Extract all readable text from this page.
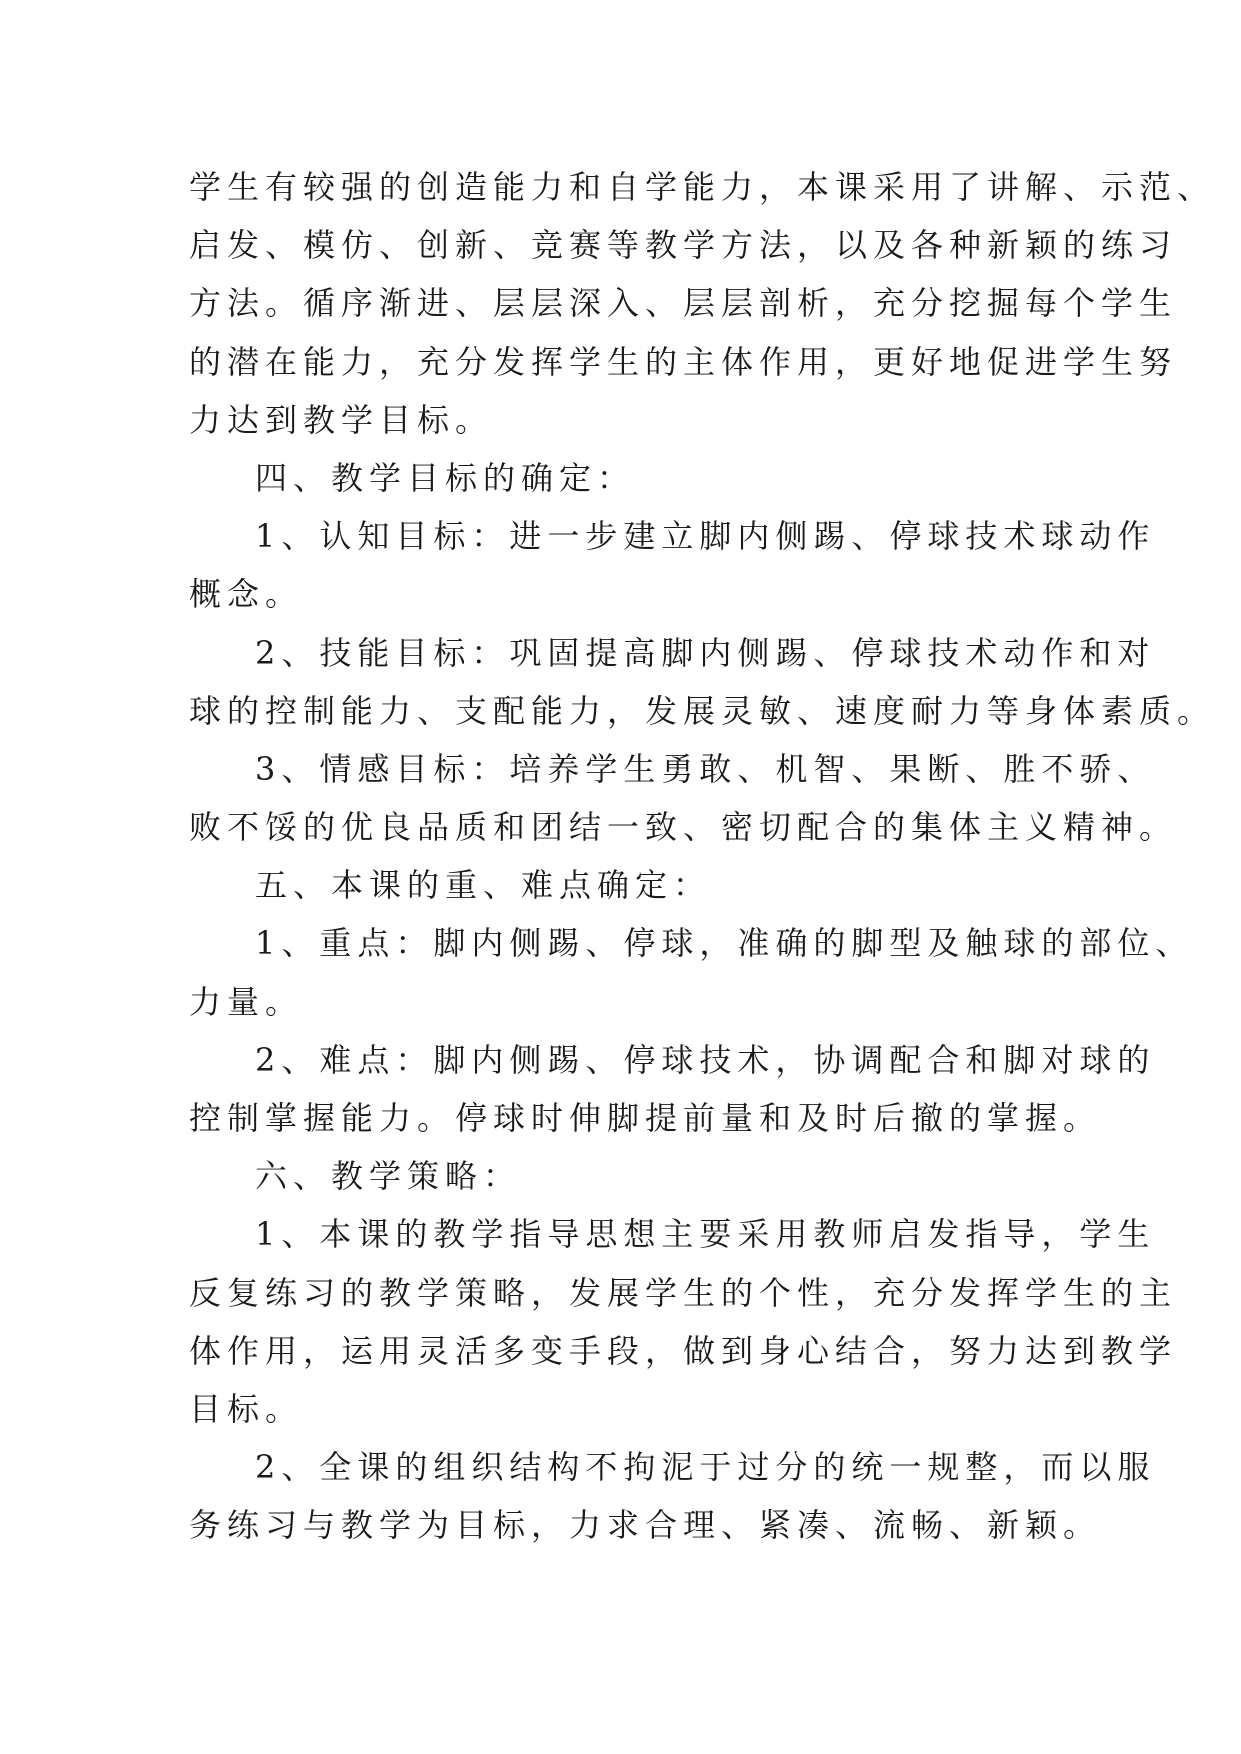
学生有较强的创造能力和自学能力，本课采用了讲解、示范、
启发、模仿、创新、竞赛等教学方法，以及各种新颖的练习
方法。循序渐进、层层深入、层层剖析，充分挖掘每个学生
的潜在能力，充分发挥学生的主体作用，更好地促进学生努
力达到教学目标。
四、教学目标的确定：
1、认知目标：进一步建立脚内侧踢、停球技术球动作
概念。
2、技能目标：巩固提高脚内侧踢、停球技术动作和对
球的控制能力、支配能力，发展灵敏、速度耐力等身体素质。
3、情感目标：培养学生勇敢、机智、果断、胜不骄、
败不馁的优良品质和团结一致、密切配合的集体主义精神。
五、本课的重、难点确定：
1、重点：脚内侧踢、停球，准确的脚型及触球的部位、
力量。
2、难点：脚内侧踢、停球技术，协调配合和脚对球的
控制掌握能力。停球时伸脚提前量和及时后撤的掌握。
六、教学策略：
1、本课的教学指导思想主要采用教师启发指导，学生
反复练习的教学策略，发展学生的个性，充分发挥学生的主
体作用，运用灵活多变手段，做到身心结合，努力达到教学
目标。
2、全课的组织结构不拘泥于过分的统一规整，而以服
务练习与教学为目标，力求合理、紧凑、流畅、新颖。
